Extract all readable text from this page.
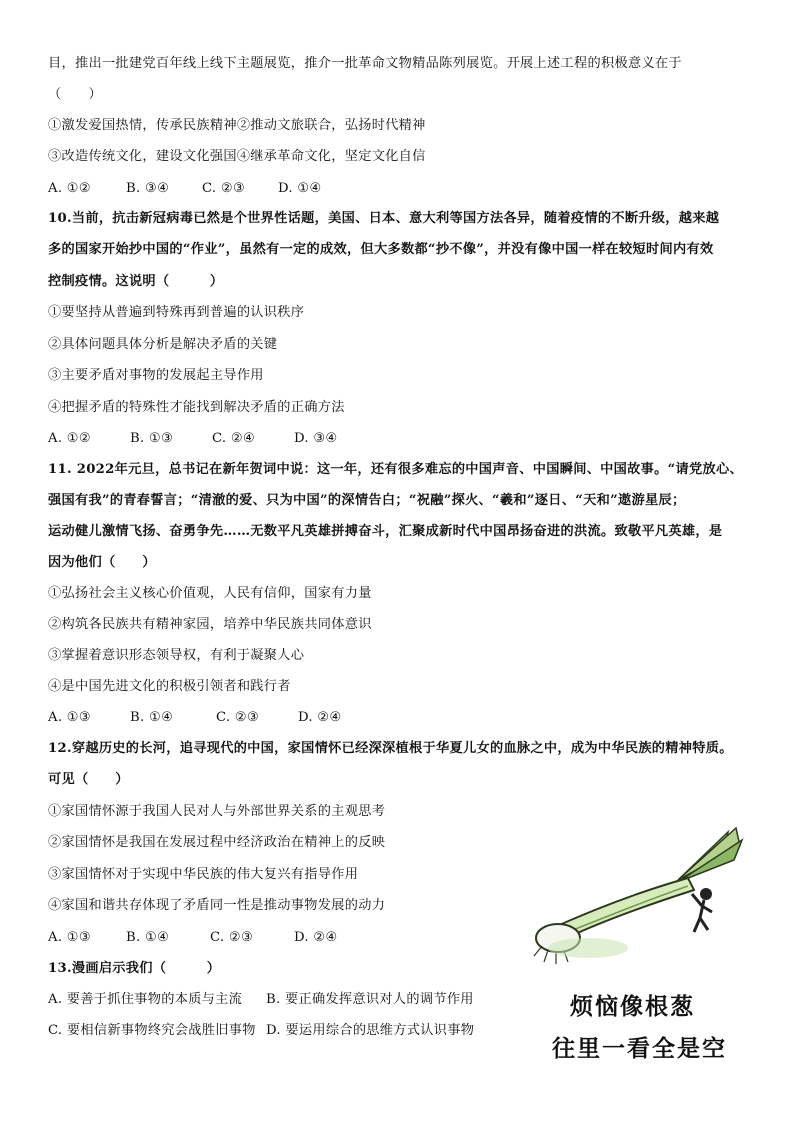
目，推出一批建党百年线上线下主题展览，推介一批革命文物精品陈列展览。开展上述工程的积极意义在于
（　　）
①激发爱国热情，传承民族精神②推动文旅联合，弘扬时代精神
③改造传统文化，建设文化强国④继承革命文化，坚定文化自信
A. ①②	B. ③④ C. ②③ D. ①④
10.当前，抗击新冠病毒已然是个世界性话题，美国、日本、意大利等国方法各异，随着疫情的不断升级，越来越
多的国家开始抄中国的“作业”，虽然有一定的成效，但大多数都“抄不像”，并没有像中国一样在较短时间内有效
控制疫情。这说明（　　　）
①要坚持从普遍到特殊再到普遍的认识秩序
②具体问题具体分析是解决矛盾的关键
③主要矛盾对事物的发展起主导作用
④把握矛盾的特殊性才能找到解决矛盾的正确方法
A. ①②	B. ①③	C. ②④	D. ③④
11. 2022年元旦，总书记在新年贺词中说：这一年，还有很多难忘的中国声音、中国瞬间、中国故事。“请党放心、
强国有我”的青春誓言；“清澈的爱、只为中国”的深情告白；“祝融”探火、“羲和”逐日、“天和”遨游星辰；
运动健儿激情飞扬、奋勇争先……无数平凡英雄拼搏奋斗，汇聚成新时代中国昂扬奋进的洪流。致敬平凡英雄，是
因为他们（　　）
①弘扬社会主义核心价值观，人民有信仰，国家有力量
②构筑各民族共有精神家园，培养中华民族共同体意识
③掌握着意识形态领导权，有利于凝聚人心
④是中国先进文化的积极引领者和践行者
A. ①③	B. ①④	C. ②③	D. ②④
12.穿越历史的长河，追寻现代的中国，家国情怀已经深深植根于华夏儿女的血脉之中，成为中华民族的精神特质。
可见（　　）
①家国情怀源于我国人民对人与外部世界关系的主观思考
②家国情怀是我国在发展过程中经济政治在精神上的反映
③家国情怀对于实现中华民族的伟大复兴有指导作用
④家国和谐共存体现了矛盾同一性是推动事物发展的动力
A. ①③	B. ①④	C. ②③	D. ②④
13.漫画启示我们（　　　）
A. 要善于抓住事物的本质与主流 B. 要正确发挥意识对人的调节作用
C. 要相信新事物终究会战胜旧事物 D. 要运用综合的思维方式认识事物
烦恼像根葱
往里一看全是空
